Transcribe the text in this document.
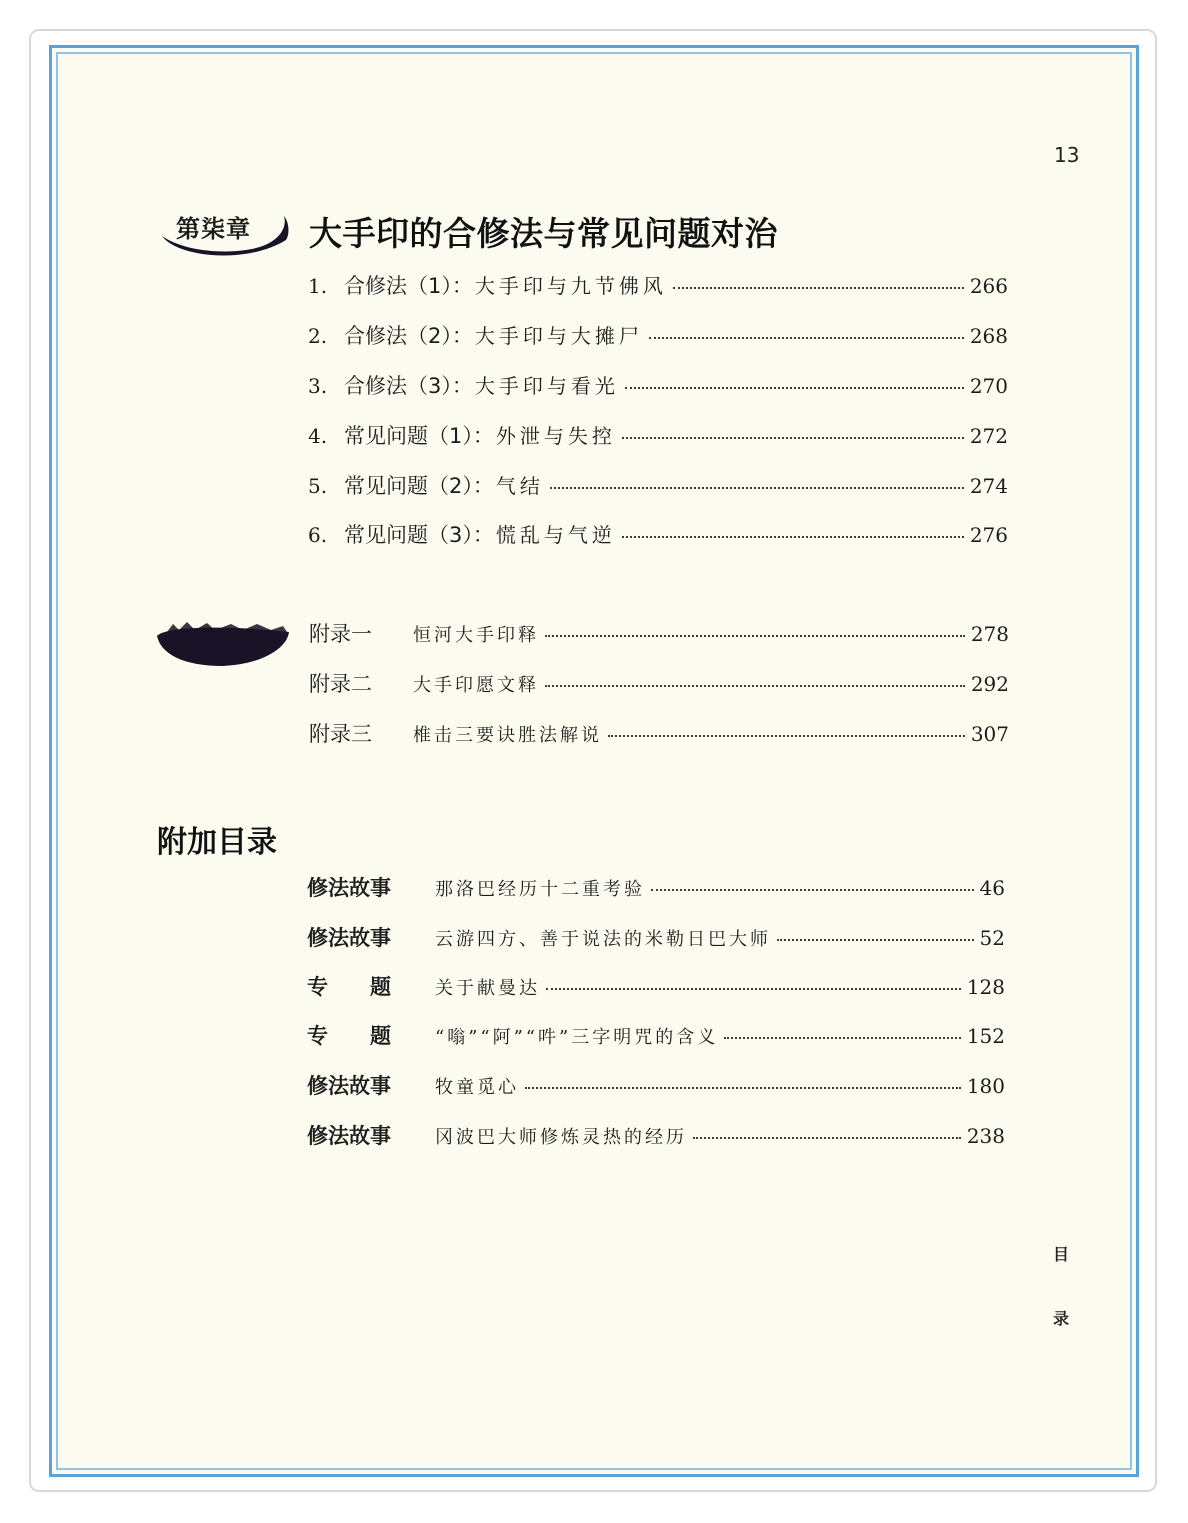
13
第柒章 大手印的合修法与常见问题对治
1. 合修法（1）： 大手印与九节佛风	266
2. 合修法（2）： 大手印与大摊尸	268
3. 合修法（3）： 大手印与看光	270
4. 常见问题（1）： 外泄与失控	272
5. 常见问题（2）： 气结	274
6. 常见问题（3）： 慌乱与气逆	276
附录一 恒河大手印释	278
附录二 大手印愿文释	292
附录三 椎击三要诀胜法解说	307
附加目录
修法故事 那洛巴经历十二重考验	46
修法故事 云游四方、善于说法的米勒日巴大师	52
专　　题 关于献曼达	128
专　　题 “嗡”“阿”“吽”三字明咒的含义	152
修法故事 牧童觅心	180
修法故事 冈波巴大师修炼灵热的经历	238
目
录
